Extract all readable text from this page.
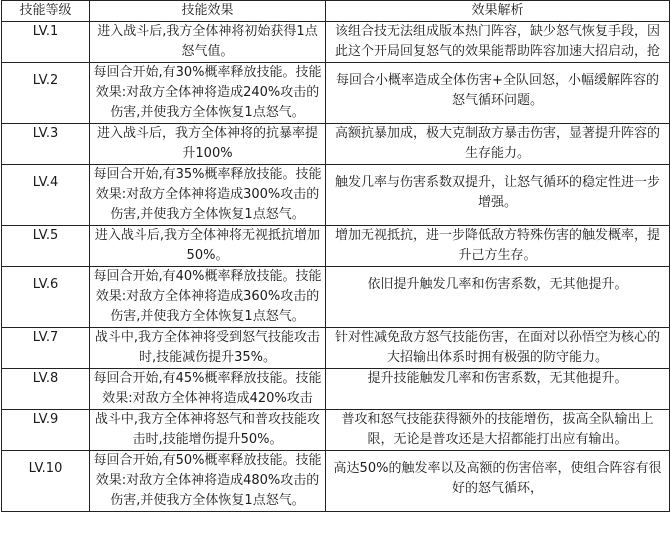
技能等级	技能效果	效果解析

LV.1	进入战斗后,我方全体神将初始获得1点怒气值。	该组合技无法组成版本热门阵容，缺少怒气恢复手段，因此这个开局回复怒气的效果能帮助阵容加速大招启动，抢

LV.2	每回合开始,有30%概率释放技能。技能效果:对敌方全体神将造成240%攻击的伤害,并使我方全体恢复1点怒气。	每回合小概率造成全体伤害+全队回怒，小幅缓解阵容的怒气循环问题。

LV.3	进入战斗后，我方全体神将的抗暴率提升100%	高额抗暴加成，极大克制敌方暴击伤害，显著提升阵容的生存能力。

LV.4	每回合开始,有35%概率释放技能。技能效果:对敌方全体神将造成300%攻击的伤害,并使我方全体恢复1点怒气。	触发几率与伤害系数双提升，让怒气循环的稳定性进一步增强。

LV.5	进入战斗后,我方全体神将无视抵抗增加50%。	增加无视抵抗，进一步降低敌方特殊伤害的触发概率，提升己方生存。

LV.6	每回合开始,有40%概率释放技能。技能效果:对敌方全体神将造成360%攻击的伤害,并使我方全体恢复1点怒气。	依旧提升触发几率和伤害系数，无其他提升。

LV.7	战斗中,我方全体神将受到怒气技能攻击时,技能减伤提升35%。	针对性减免敌方怒气技能伤害，在面对以孙悟空为核心的大招输出体系时拥有极强的防守能力。

LV.8	每回合开始,有45%概率释放技能。技能效果:对敌方全体神将造成420%攻击	提升技能触发几率和伤害系数，无其他提升。

LV.9	战斗中,我方全体神将怒气和普攻技能攻击时,技能增伤提升50%。	普攻和怒气技能获得额外的技能增伤，拔高全队输出上限，无论是普攻还是大招都能打出应有输出。

LV.10	每回合开始,有50%概率释放技能。技能效果:对敌方全体神将造成480%攻击的伤害,并使我方全体恢复1点怒气。	高达50%的触发率以及高额的伤害倍率，使组合阵容有很好的怒气循环，
